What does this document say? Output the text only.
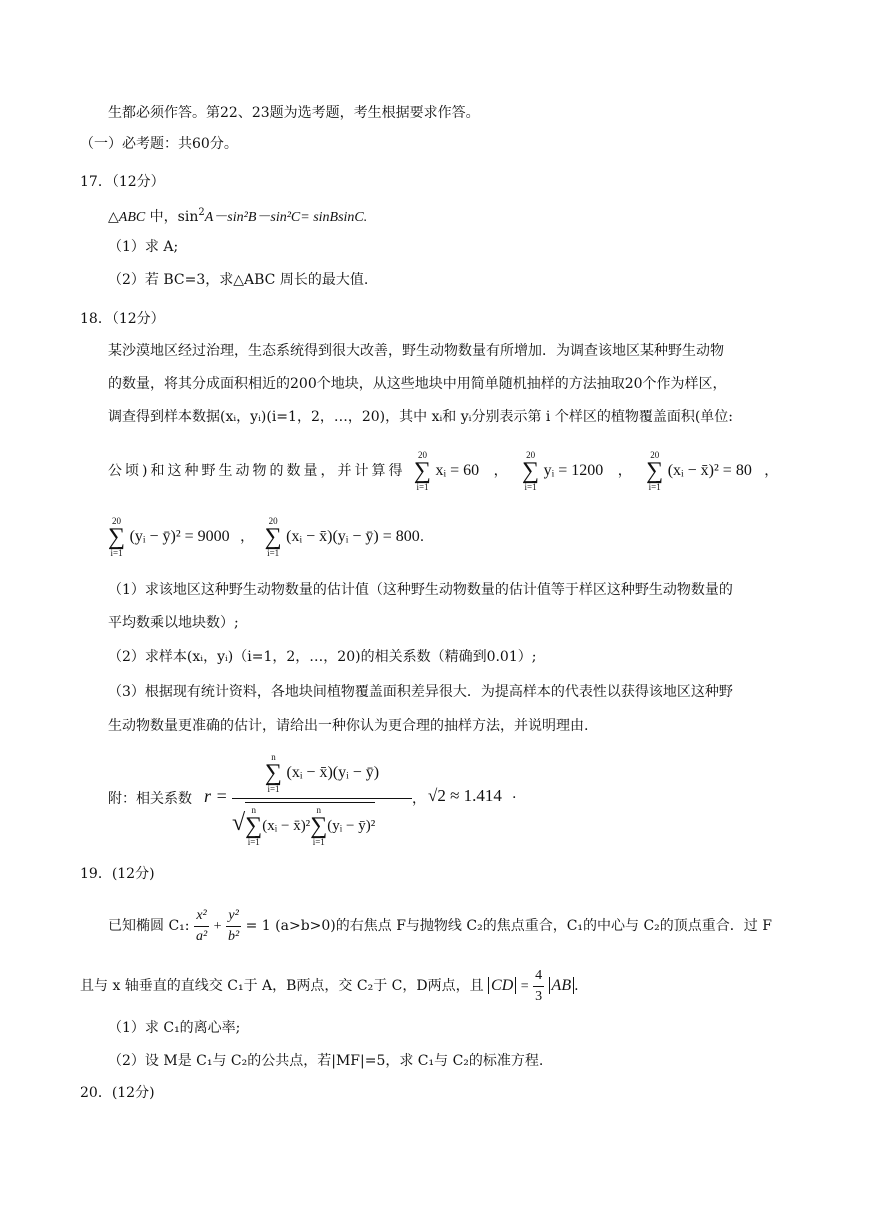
生都必须作答。第22、23题为选考题，考生根据要求作答。
（一）必考题：共60分。
17．（12分）
△ABC 中，$\sin^2A-\sin^2B-\sin^2C=$ sinBsinC.
（1）求 A;
（2）若 BC=3，求△ABC 周长的最大值.
18．（12分）
某沙漠地区经过治理，生态系统得到很大改善，野生动物数量有所增加．为调查该地区某种野生动物
的数量，将其分成面积相近的200个地块，从这些地块中用简单随机抽样的方法抽取20个作为样区，
调查得到样本数据(xᵢ，yᵢ)(i=1，2，…，20)，其中 xᵢ和 yᵢ分别表示第 i 个样区的植物覆盖面积(单位:
公顷)和这种野生动物的数量，并计算得
20
∑
i=1
xᵢ = 60 ，
20
∑
i=1
yᵢ = 1200 ，
20
∑
i=1
(xᵢ − x̄)² = 80 ，
20
∑
i=1
(yᵢ − ȳ)² = 9000 ，
20
∑
i=1
(xᵢ − x̄)(yᵢ − ȳ) = 800.
（1）求该地区这种野生动物数量的估计值（这种野生动物数量的估计值等于样区这种野生动物数量的
平均数乘以地块数）;
（2）求样本(xᵢ，yᵢ)（i=1，2，…，20)的相关系数（精确到0.01）;
（3）根据现有统计资料，各地块间植物覆盖面积差异很大．为提高样本的代表性以获得该地区这种野
生动物数量更准确的估计，请给出一种你认为更合理的抽样方法，并说明理由.
附：相关系数 r =
n
∑
i=1
(xᵢ − x̄)(yᵢ − ȳ)
√ n
∑
i=1
(xᵢ − x̄)²
n
∑
i=1
(yᵢ − ȳ)²
， √2 ≈ 1.414 .
19．(12分)
已知椭圆 C₁: $\frac{\text{x²}}{\text{a²}} + \frac{\text{y²}}{\text{b²}} = 1$ (a>b>0)的右焦点 F与抛物线 C₂的焦点重合，C₁的中心与 C₂的顶点重合．过 F
且与 x 轴垂直的直线交 C₁于 A，B两点，交 C₂于 C，D两点，且 CD = $\frac{4}{3}$ AB .
（1）求 C₁的离心率;
（2）设 M是 C₁与 C₂的公共点，若|MF|=5，求 C₁与 C₂的标准方程.
20．(12分)
